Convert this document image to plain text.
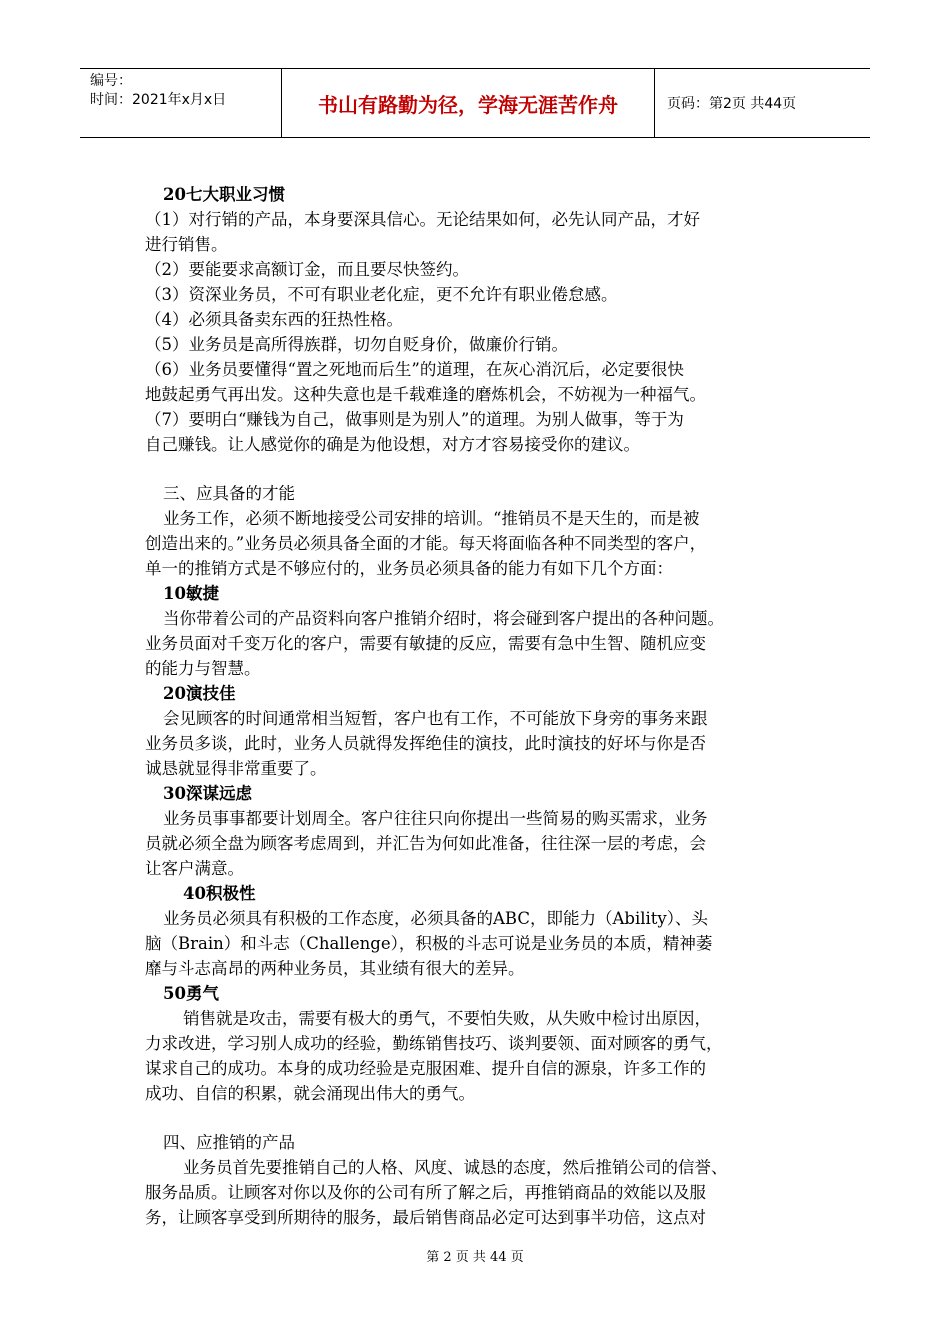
编号：
时间：2021年x月x日	书山有路勤为径，学海无涯苦作舟	页码：第2页 共44页

20七大职业习惯

（1）对行销的产品，本身要深具信心。无论结果如何，必先认同产品，才好

进行销售。

（2）要能要求高额订金，而且要尽快签约。

（3）资深业务员，不可有职业老化症，更不允许有职业倦怠感。

（4）必须具备卖东西的狂热性格。

（5）业务员是高所得族群，切勿自贬身价，做廉价行销。

（6）业务员要懂得“置之死地而后生”的道理，在灰心消沉后，必定要很快

地鼓起勇气再出发。这种失意也是千载难逢的磨炼机会，不妨视为一种福气。

（7）要明白“赚钱为自己，做事则是为别人”的道理。为别人做事，等于为

自己赚钱。让人感觉你的确是为他设想，对方才容易接受你的建议。

三、应具备的才能

业务工作，必须不断地接受公司安排的培训。“推销员不是天生的，而是被

创造出来的。”业务员必须具备全面的才能。每天将面临各种不同类型的客户，

单一的推销方式是不够应付的，业务员必须具备的能力有如下几个方面：

10敏捷

当你带着公司的产品资料向客户推销介绍时，将会碰到客户提出的各种问题。

业务员面对千变万化的客户，需要有敏捷的反应，需要有急中生智、随机应变

的能力与智慧。

20演技佳

会见顾客的时间通常相当短暂，客户也有工作，不可能放下身旁的事务来跟

业务员多谈，此时，业务人员就得发挥绝佳的演技，此时演技的好坏与你是否

诚恳就显得非常重要了。

30深谋远虑

业务员事事都要计划周全。客户往往只向你提出一些简易的购买需求，业务

员就必须全盘为顾客考虑周到，并汇告为何如此准备，往往深一层的考虑，会

让客户满意。

40积极性

业务员必须具有积极的工作态度，必须具备的ABC，即能力（Ability）、头

脑（Brain）和斗志（Challenge），积极的斗志可说是业务员的本质，精神萎

靡与斗志高昂的两种业务员，其业绩有很大的差异。

50勇气

销售就是攻击，需要有极大的勇气，不要怕失败，从失败中检讨出原因，

力求改进，学习别人成功的经验，勤练销售技巧、谈判要领、面对顾客的勇气，

谋求自己的成功。本身的成功经验是克服困难、提升自信的源泉，许多工作的

成功、自信的积累，就会涌现出伟大的勇气。

四、应推销的产品

业务员首先要推销自己的人格、风度、诚恳的态度，然后推销公司的信誉、

服务品质。让顾客对你以及你的公司有所了解之后，再推销商品的效能以及服

务，让顾客享受到所期待的服务，最后销售商品必定可达到事半功倍，这点对

第 2 页 共 44 页
